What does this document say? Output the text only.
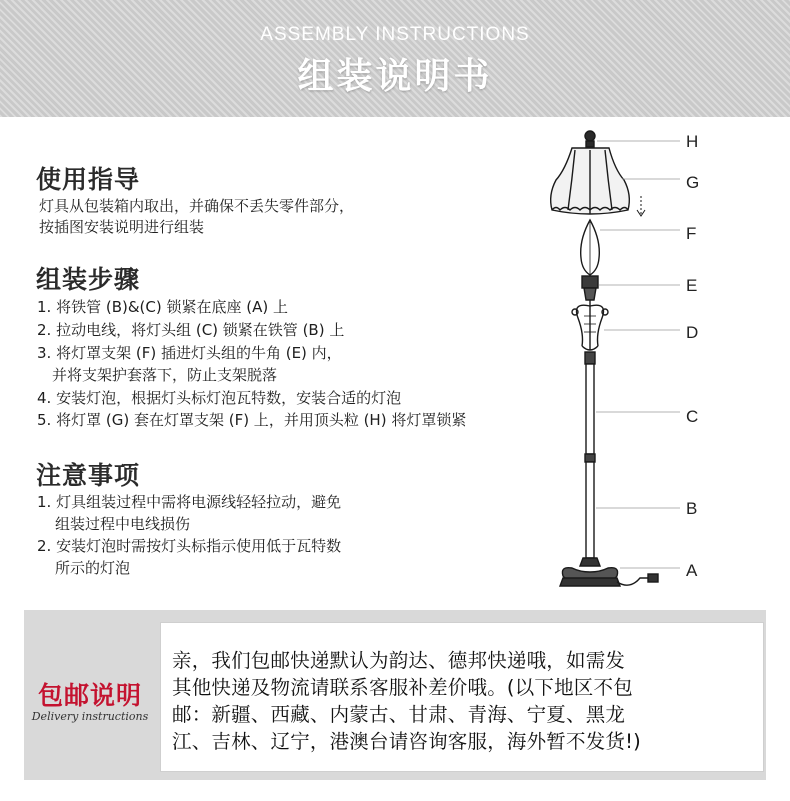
ASSEMBLY INSTRUCTIONS
组装说明书
使用指导
灯具从包装箱内取出，并确保不丢失零件部分，
按插图安装说明进行组装
组装步骤
1. 将铁管 (B)&(C) 锁紧在底座 (A) 上
2. 拉动电线，将灯头组 (C) 锁紧在铁管 (B) 上
3. 将灯罩支架 (F) 插进灯头组的牛角 (E) 内，
并将支架护套落下，防止支架脱落
4. 安装灯泡，根据灯头标灯泡瓦特数，安装合适的灯泡
5. 将灯罩 (G) 套在灯罩支架 (F) 上，并用顶头粒 (H) 将灯罩锁紧
注意事项
1. 灯具组装过程中需将电源线轻轻拉动，避免
组装过程中电线损伤
2. 安装灯泡时需按灯头标指示使用低于瓦特数
所示的灯泡
H
G
F
E
D
C
B
A
包邮说明
Delivery instructions
亲，我们包邮快递默认为韵达、德邦快递哦，如需发
其他快递及物流请联系客服补差价哦。(以下地区不包
邮：新疆、西藏、内蒙古、甘肃、青海、宁夏、黑龙
江、吉林、辽宁，港澳台请咨询客服，海外暂不发货!)
